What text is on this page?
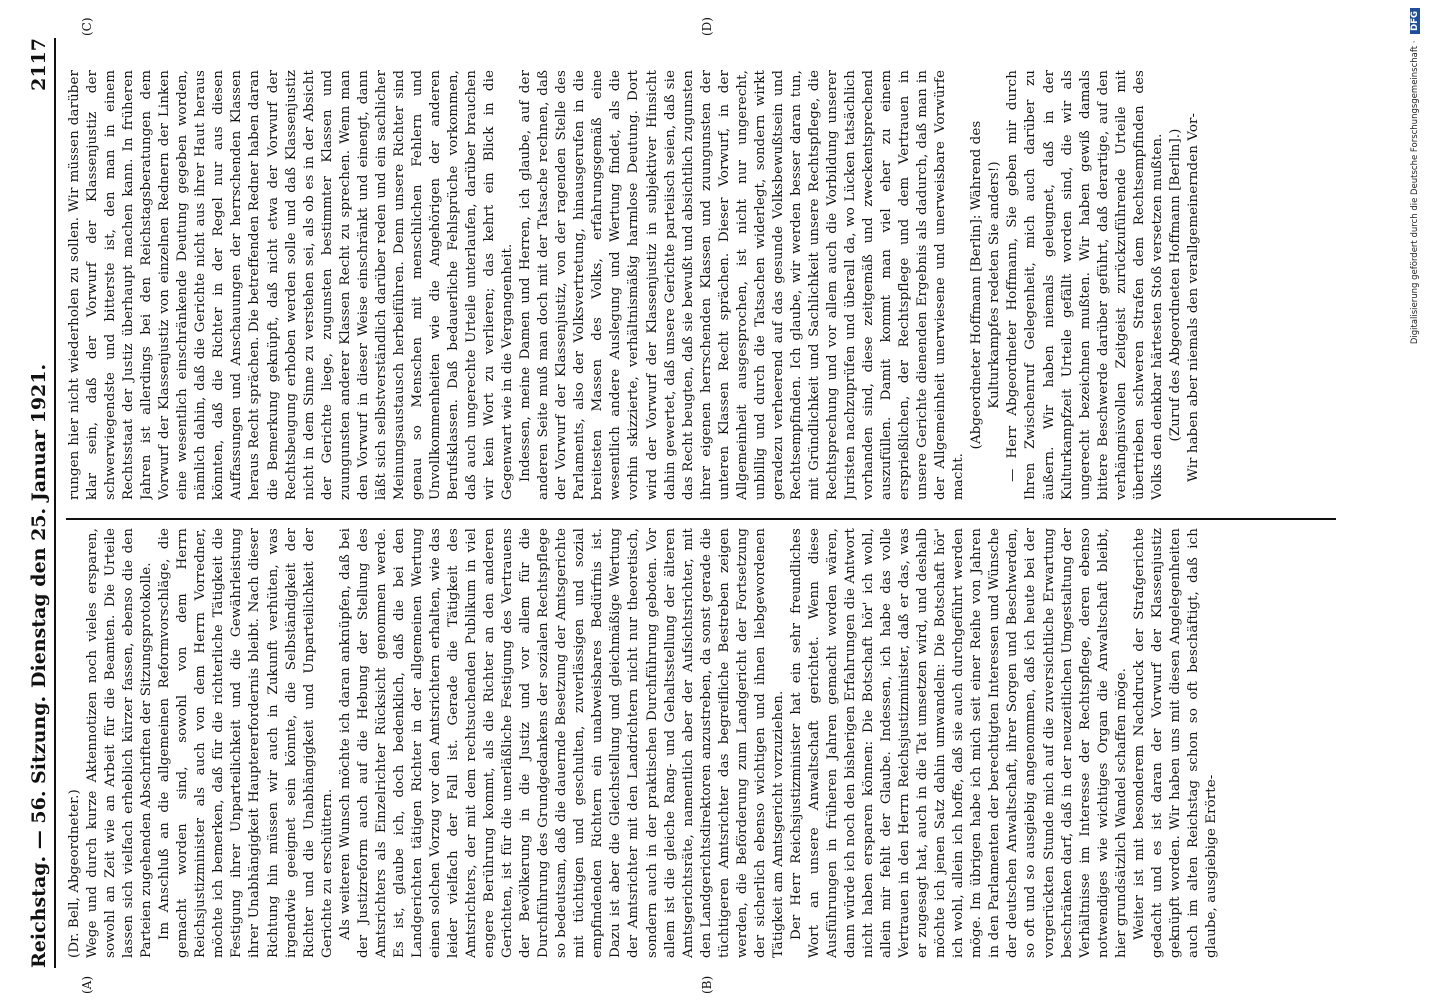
Reichstag. — 56. Sitzung.
Dienstag den 25. Januar 1921.
2117
(A)	(B)
(C)	(D)

(Dr. Bell, Abgeordneter.) Wege und durch kurze Aktennotizen noch vieles ersparen, sowohl an Zeit wie an Arbeit für die Beamten. Die Urteile lassen sich vielfach erheblich kürzer fassen, ebenso die den Parteien zugehenden Abschriften der Sitzungsprotokolle. Im Anschluß an die allgemeinen Reformvorschläge, die gemacht worden sind, sowohl von dem Herrn Reichsjustizminister als auch von dem Herrn Vorredner, möchte ich bemerken, daß für die richterliche Tätigkeit die Festigung ihrer Unparteilichkeit und die Gewährleistung ihrer Unabhängigkeit Hauptererfordernis bleibt. Nach dieser Richtung hin müssen wir auch in Zukunft verhüten, was irgendwie geeignet sein könnte, die Selbständigkeit der Richter und die Unabhängigkeit und Unparteilichkeit der Gerichte zu erschüttern. Als weiteren Wunsch möchte ich daran anknüpfen, daß bei der Justizreform auch auf die Hebung der Stellung des Amtsrichters als Einzelrichter Rücksicht genommen werde. Es ist, glaube ich, doch bedenklich, daß die bei den Landgerichten tätigen Richter in der allgemeinen Wertung einen solchen Vorzug vor den Amtsrichtern erhalten, wie das leider vielfach der Fall ist. Gerade die Tätigkeit des Amtsrichters, der mit dem rechtsuchenden Publikum in viel engere Berührung kommt, als die Richter an den anderen Gerichten, ist für die unerläßliche Festigung des Vertrauens der Bevölkerung in die Justiz und vor allem für die Durchführung des Grundgedankens der sozialen Rechtspflege so bedeutsam, daß die dauernde Besetzung der Amtsgerichte mit tüchtigen und geschulten, zuverlässigen und sozial empfindenden Richtern ein unabweisbares Bedürfnis ist. Dazu ist aber die Gleichstellung und gleichmäßige Wertung der Amtsrichter mit den Landrichtern nicht nur theoretisch, sondern auch in der praktischen Durchführung geboten. Vor allem ist die gleiche Rang- und Gehaltsstellung der älteren Amtsgerichtsräte, namentlich aber der Aufsichtsrichter, mit den Landgerichtsdirektoren anzustreben, da sonst gerade die tüchtigeren Amtsrichter das begreifliche Bestreben zeigen werden, die Beförderung zum Landgericht der Fortsetzung der sicherlich ebenso wichtigen und ihnen liebgewordenen Tätigkeit am Amtsgericht vorzuziehen. Der Herr Reichsjustizminister hat ein sehr freundliches Wort an unsere Anwaltschaft gerichtet. Wenn diese Ausführungen in früheren Jahren gemacht worden wären, dann würde ich noch den bisherigen Erfahrungen die Antwort nicht haben ersparen können: Die Botschaft hör' ich wohl, allein mir fehlt der Glaube. Indessen, ich habe das volle Vertrauen in den Herrn Reichsjustizminister, daß er das, was er zugesagt hat, auch in die Tat umsetzen wird, und deshalb möchte ich jenen Satz dahin umwandeln: Die Botschaft hör' ich wohl, allein ich hoffe, daß sie auch durchgeführt werden möge. Im übrigen habe ich mich seit einer Reihe von Jahren in den Parlamenten der berechtigten Interessen und Wünsche der deutschen Anwaltschaft, ihrer Sorgen und Beschwerden, so oft und so ausgiebig angenommen, daß ich heute bei der vorgerückten Stunde mich auf die zuversichtliche Erwartung beschränken darf, daß in der neuzeitlichen Umgestaltung der Verhältnisse im Interesse der Rechtspflege, deren ebenso notwendiges wie wichtiges Organ die Anwaltschaft bleibt, hier grundsätzlich Wandel schaffen möge. Weiter ist mit besonderem Nachdruck der Strafgerichte gedacht und es ist daran der Vorwurf der Klassenjustiz geknüpft worden. Wir haben uns mit diesen Angelegenheiten auch im alten Reichstag schon so oft beschäftigt, daß ich glaube, ausgiebige Erörte-

rungen hier nicht wiederholen zu sollen. Wir müssen darüber klar sein, daß der Vorwurf der Klassenjustiz der schwerwiegendste und bitterste ist, den man in einem Rechtsstaat der Justiz überhaupt machen kann. In früheren Jahren ist allerdings bei den Reichstagsberatungen dem Vorwurf der Klassenjustiz von einzelnen Rednern der Linken eine wesentlich einschränkende Deutung gegeben worden, nämlich dahin, daß die Gerichte nicht aus ihrer Haut heraus könnten, daß die Richter in der Regel nur aus diesen Auffassungen und Anschauungen der herrschenden Klassen heraus Recht sprächen. Die betreffenden Redner haben daran die Bemerkung geknüpft, daß nicht etwa der Vorwurf der Rechtsbeugung erhoben werden solle und daß Klassenjustiz nicht in dem Sinne zu verstehen sei, als ob es in der Absicht der Gerichte liege, zugunsten bestimmter Klassen und zuungunsten anderer Klassen Recht zu sprechen. Wenn man den Vorwurf in dieser Weise einschränkt und einengt, dann läßt sich selbstverständlich darüber reden und ein sachlicher Meinungsaustausch herbeiführen. Denn unsere Richter sind genau so Menschen mit menschlichen Fehlern und Unvollkommenheiten wie die Angehörigen der anderen Berufsklassen. Daß bedauerliche Fehlsprüche vorkommen, daß auch ungerechte Urteile unterlaufen, darüber brauchen wir kein Wort zu verlieren; das kehrt ein Blick in die Gegenwart wie in die Vergangenheit. Indessen, meine Damen und Herren, ich glaube, auf der anderen Seite muß man doch mit der Tatsache rechnen, daß der Vorwurf der Klassenjustiz, von der ragenden Stelle des Parlaments, also der Volksvertretung, hinausgerufen in die breitesten Massen des Volks, erfahrungsgemäß eine wesentlich andere Auslegung und Wertung findet, als die vorhin skizzierte, verhältnismäßig harmlose Deutung. Dort wird der Vorwurf der Klassenjustiz in subjektiver Hinsicht dahin gewertet, daß unsere Gerichte parteiisch seien, daß sie das Recht beugten, daß sie bewußt und absichtlich zugunsten ihrer eigenen herrschenden Klassen und zuungunsten der unteren Klassen Recht sprächen. Dieser Vorwurf, in der Allgemeinheit ausgesprochen, ist nicht nur ungerecht, unbillig und durch die Tatsachen widerlegt, sondern wirkt geradezu verheerend auf das gesunde Volksbewußtsein und Rechtsempfinden. Ich glaube, wir werden besser daran tun, mit Gründlichkeit und Sachlichkeit unsere Rechtspflege, die Rechtsprechung und vor allem auch die Vorbildung unserer Juristen nachzuprüfen und überall da, wo Lücken tatsächlich vorhanden sind, diese zeitgemäß und zweckentsprechend auszufüllen. Damit kommt man viel eher zu einem ersprießlichen, der Rechtspflege und dem Vertrauen in unsere Gerichte dienenden Ergebnis als dadurch, daß man in der Allgemeinheit unerwiesene und unerweisbare Vorwürfe macht.

(Abgeordneter Hoffmann [Berlin]: Während des Kulturkampfes redeten Sie anders!) — Herr Abgeordneter Hoffmann, Sie geben mir durch Ihren Zwischenruf Gelegenheit, mich auch darüber zu äußern. Wir haben niemals geleugnet, daß in der Kulturkampfzeit Urteile gefällt worden sind, die wir als ungerecht bezeichnen mußten. Wir haben gewiß damals bittere Beschwerde darüber geführt, daß derartige, auf den verhängnisvollen Zeitgeist zurückzuführende Urteile mit übertrieben schweren Strafen dem Rechtsempfinden des Volks den denkbar härtesten Stoß versetzen mußten. (Zuruf des Abgeordneten Hoffmann [Berlin].) Wir haben aber niemals den verallgemeinernden Vor-	Digitalisierung gefördert durch die Deutsche Forschungsgemeinschaft · DFG
